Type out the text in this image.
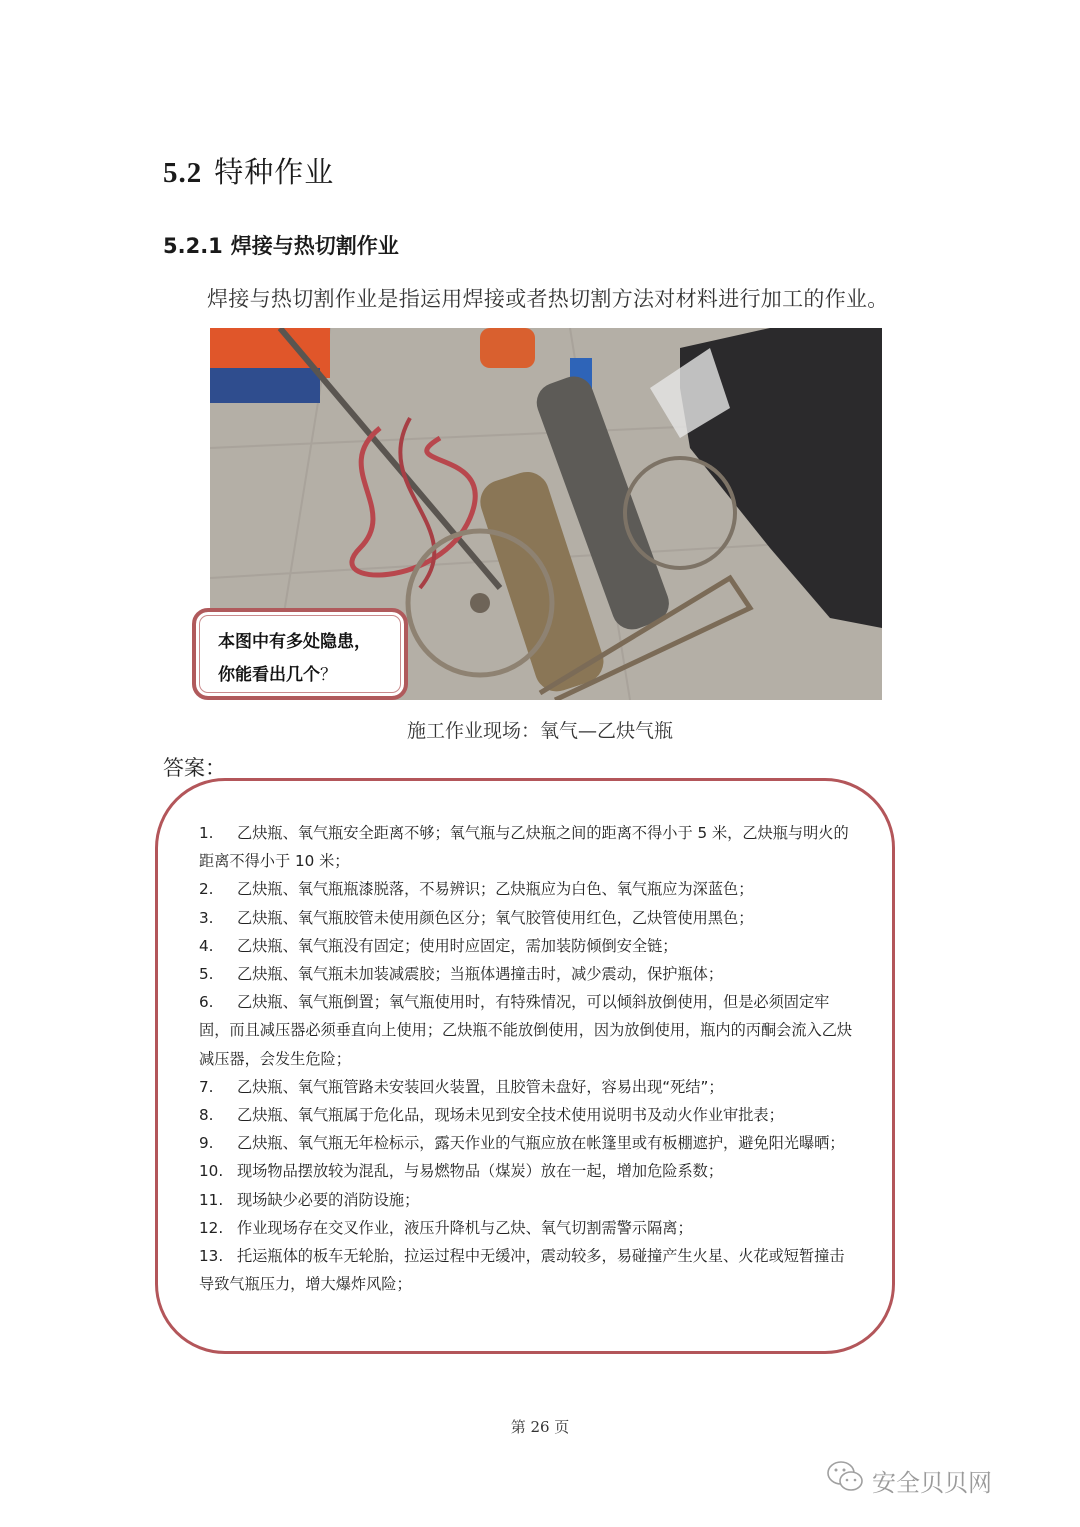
5.2 特种作业
5.2.1 焊接与热切割作业
焊接与热切割作业是指运用焊接或者热切割方法对材料进行加工的作业。
本图中有多处隐患，
你能看出几个？
施工作业现场：氧气—乙炔气瓶
答案：

1. 乙炔瓶、氧气瓶安全距离不够；氧气瓶与乙炔瓶之间的距离不得小于 5 米，乙炔瓶与明火的距离不得小于 10 米；

2. 乙炔瓶、氧气瓶瓶漆脱落，不易辨识；乙炔瓶应为白色、氧气瓶应为深蓝色；

3. 乙炔瓶、氧气瓶胶管未使用颜色区分；氧气胶管使用红色，乙炔管使用黑色；

4. 乙炔瓶、氧气瓶没有固定；使用时应固定，需加装防倾倒安全链；

5. 乙炔瓶、氧气瓶未加装减震胶；当瓶体遇撞击时，减少震动，保护瓶体；

6. 乙炔瓶、氧气瓶倒置；氧气瓶使用时，有特殊情况，可以倾斜放倒使用，但是必须固定牢固，而且减压器必须垂直向上使用；乙炔瓶不能放倒使用，因为放倒使用，瓶内的丙酮会流入乙炔减压器，会发生危险；

7. 乙炔瓶、氧气瓶管路未安装回火装置，且胶管未盘好，容易出现“死结”；

8. 乙炔瓶、氧气瓶属于危化品，现场未见到安全技术使用说明书及动火作业审批表；

9. 乙炔瓶、氧气瓶无年检标示，露天作业的气瓶应放在帐篷里或有板棚遮护，避免阳光曝晒；

10. 现场物品摆放较为混乱，与易燃物品（煤炭）放在一起，增加危险系数；

11. 现场缺少必要的消防设施；

12. 作业现场存在交叉作业，液压升降机与乙炔、氧气切割需警示隔离；

13. 托运瓶体的板车无轮胎，拉运过程中无缓冲，震动较多，易碰撞产生火星、火花或短暂撞击导致气瓶压力，增大爆炸风险；

第 26 页
安全贝贝网
